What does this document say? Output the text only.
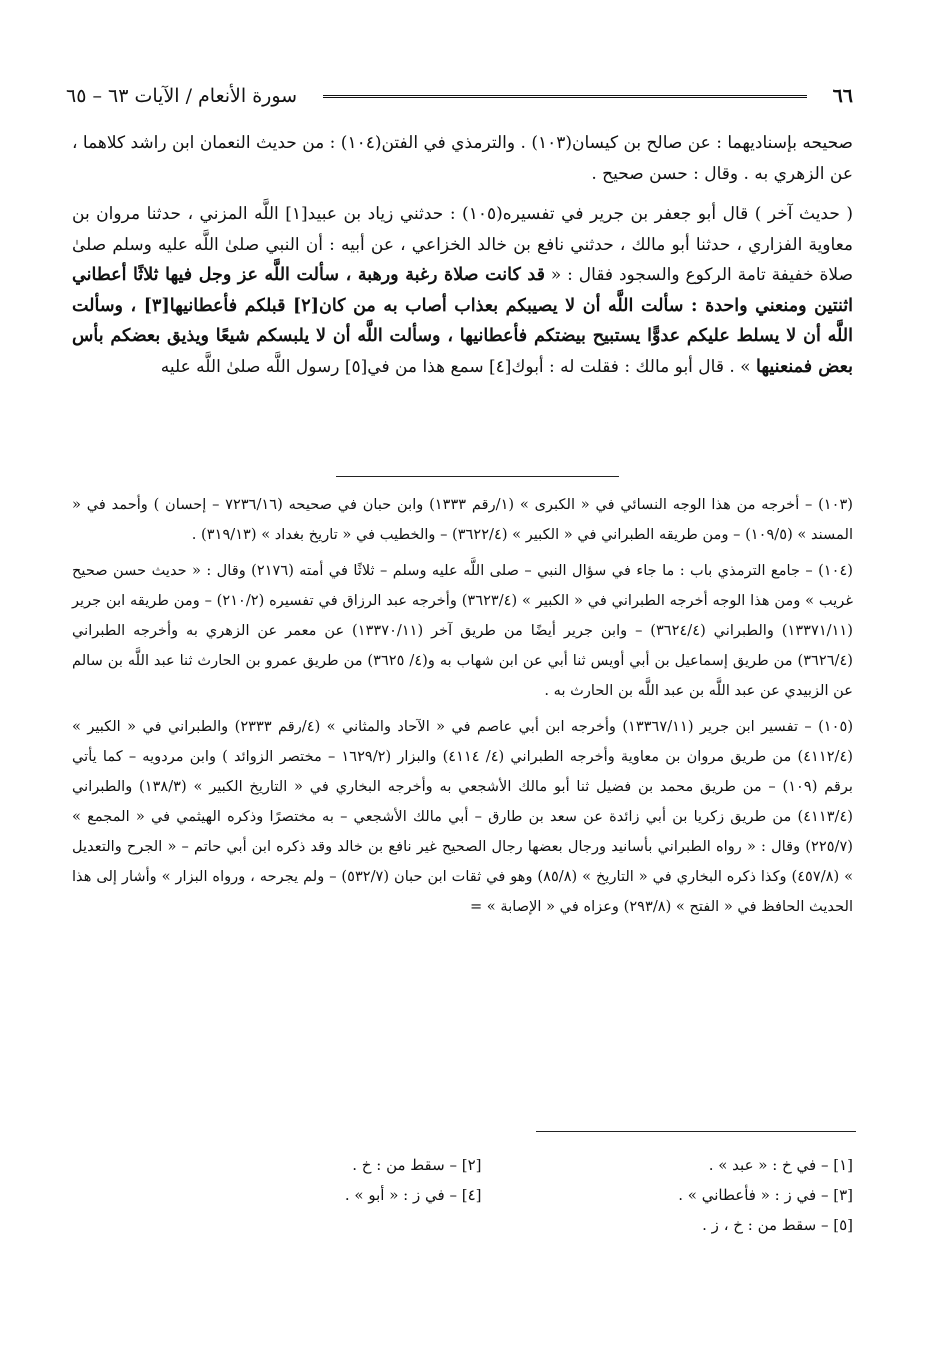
٦٦
سورة الأنعام / الآيات ٦٣ – ٦٥

صحيحه بإسناديهما : عن صالح بن كيسان(١٠٣) . والترمذي في الفتن(١٠٤) : من حديث النعمان ابن راشد كلاهما ، عن الزهري به . وقال : حسن صحيح .

( حديث آخر ) قال أبو جعفر بن جرير في تفسيره(١٠٥) : حدثني زياد بن عبيد[١] اللَّه المزني ، حدثنا مروان بن معاوية الفزاري ، حدثنا أبو مالك ، حدثني نافع بن خالد الخزاعي ، عن أبيه : أن النبي صلىٰ اللَّه عليه وسلم صلىٰ صلاة خفيفة تامة الركوع والسجود فقال : « قد كانت صلاة رغبة ورهبة ، سألت اللَّه عز وجل فيها ثلاثًا أعطاني اثنتين ومنعني واحدة : سألت اللَّه أن لا يصيبكم بعذاب أصاب به من كان[٢] قبلكم فأعطانيها[٣] ، وسألت اللَّه أن لا يسلط عليكم عدوًّا يستبيح بيضتكم فأعطانيها ، وسألت اللَّه أن لا يلبسكم شيعًا ويذيق بعضكم بأس بعض فمنعنيها » . قال أبو مالك : فقلت له : أبوك[٤] سمع هذا من في[٥] رسول اللَّه صلىٰ اللَّه عليه

(١٠٣) – أخرجه من هذا الوجه النسائي في « الكبرى » (١/رقم ١٣٣٣) وابن حبان في صحيحه (٧٢٣٦/١٦ – إحسان ) وأحمد في « المسند » (١٠٩/٥) – ومن طريقه الطبراني في « الكبير » (٣٦٢٢/٤) – والخطيب في « تاريخ بغداد » (٣١٩/١٣) .

(١٠٤) – جامع الترمذي باب : ما جاء في سؤال النبي – صلى اللَّه عليه وسلم – ثلاثًا في أمته (٢١٧٦) وقال : « حديث حسن صحيح غريب » ومن هذا الوجه أخرجه الطبراني في « الكبير » (٣٦٢٣/٤) وأخرجه عبد الرزاق في تفسيره (٢١٠/٢) – ومن طريقه ابن جرير (١٣٣٧١/١١) والطبراني (٣٦٢٤/٤) – وابن جرير أيضًا من طريق آخر (١٣٣٧٠/١١) عن معمر عن الزهري به وأخرجه الطبراني (٣٦٢٦/٤) من طريق إسماعيل بن أبي أويس ثنا أبي عن ابن شهاب به و(٤/ ٣٦٢٥) من طريق عمرو بن الحارث ثنا عبد اللَّه بن سالم عن الزبيدي عن عبد اللَّه بن عبد اللَّه بن الحارث به .

(١٠٥) – تفسير ابن جرير (١٣٣٦٧/١١) وأخرجه ابن أبي عاصم في « الآحاد والمثاني » (٤/رقم ٢٣٣٣) والطبراني في « الكبير » (٤١١٢/٤) من طريق مروان بن معاوية وأخرجه الطبراني (٤/ ٤١١٤) والبزار (١٦٢٩/٢ – مختصر الزوائد ) وابن مردويه – كما يأتي برقم (١٠٩) – من طريق محمد بن فضيل ثنا أبو مالك الأشجعي به وأخرجه البخاري في « التاريخ الكبير » (١٣٨/٣) والطبراني (٤١١٣/٤) من طريق زكريا بن أبي زائدة عن سعد بن طارق – أبي مالك الأشجعي – به مختصرًا وذكره الهيثمي في « المجمع » (٢٢٥/٧) وقال : « رواه الطبراني بأسانيد ورجال بعضها رجال الصحيح غير نافع بن خالد وقد ذكره ابن أبي حاتم – « الجرح والتعديل » (٤٥٧/٨) وكذا ذكره البخاري في « التاريخ » (٨٥/٨) وهو في ثقات ابن حبان (٥٣٢/٧) – ولم يجرحه ، ورواه البزار » وأشار إلى هذا الحديث الحافظ في « الفتح » (٢٩٣/٨) وعزاه في « الإصابة » =

[١] – في خ : « عبد » .
[٢] – سقط من : خ .
[٣] – في ز : « فأعطاني » .
[٤] – في ز : « أبو » .
[٥] – سقط من : خ ، ز .
